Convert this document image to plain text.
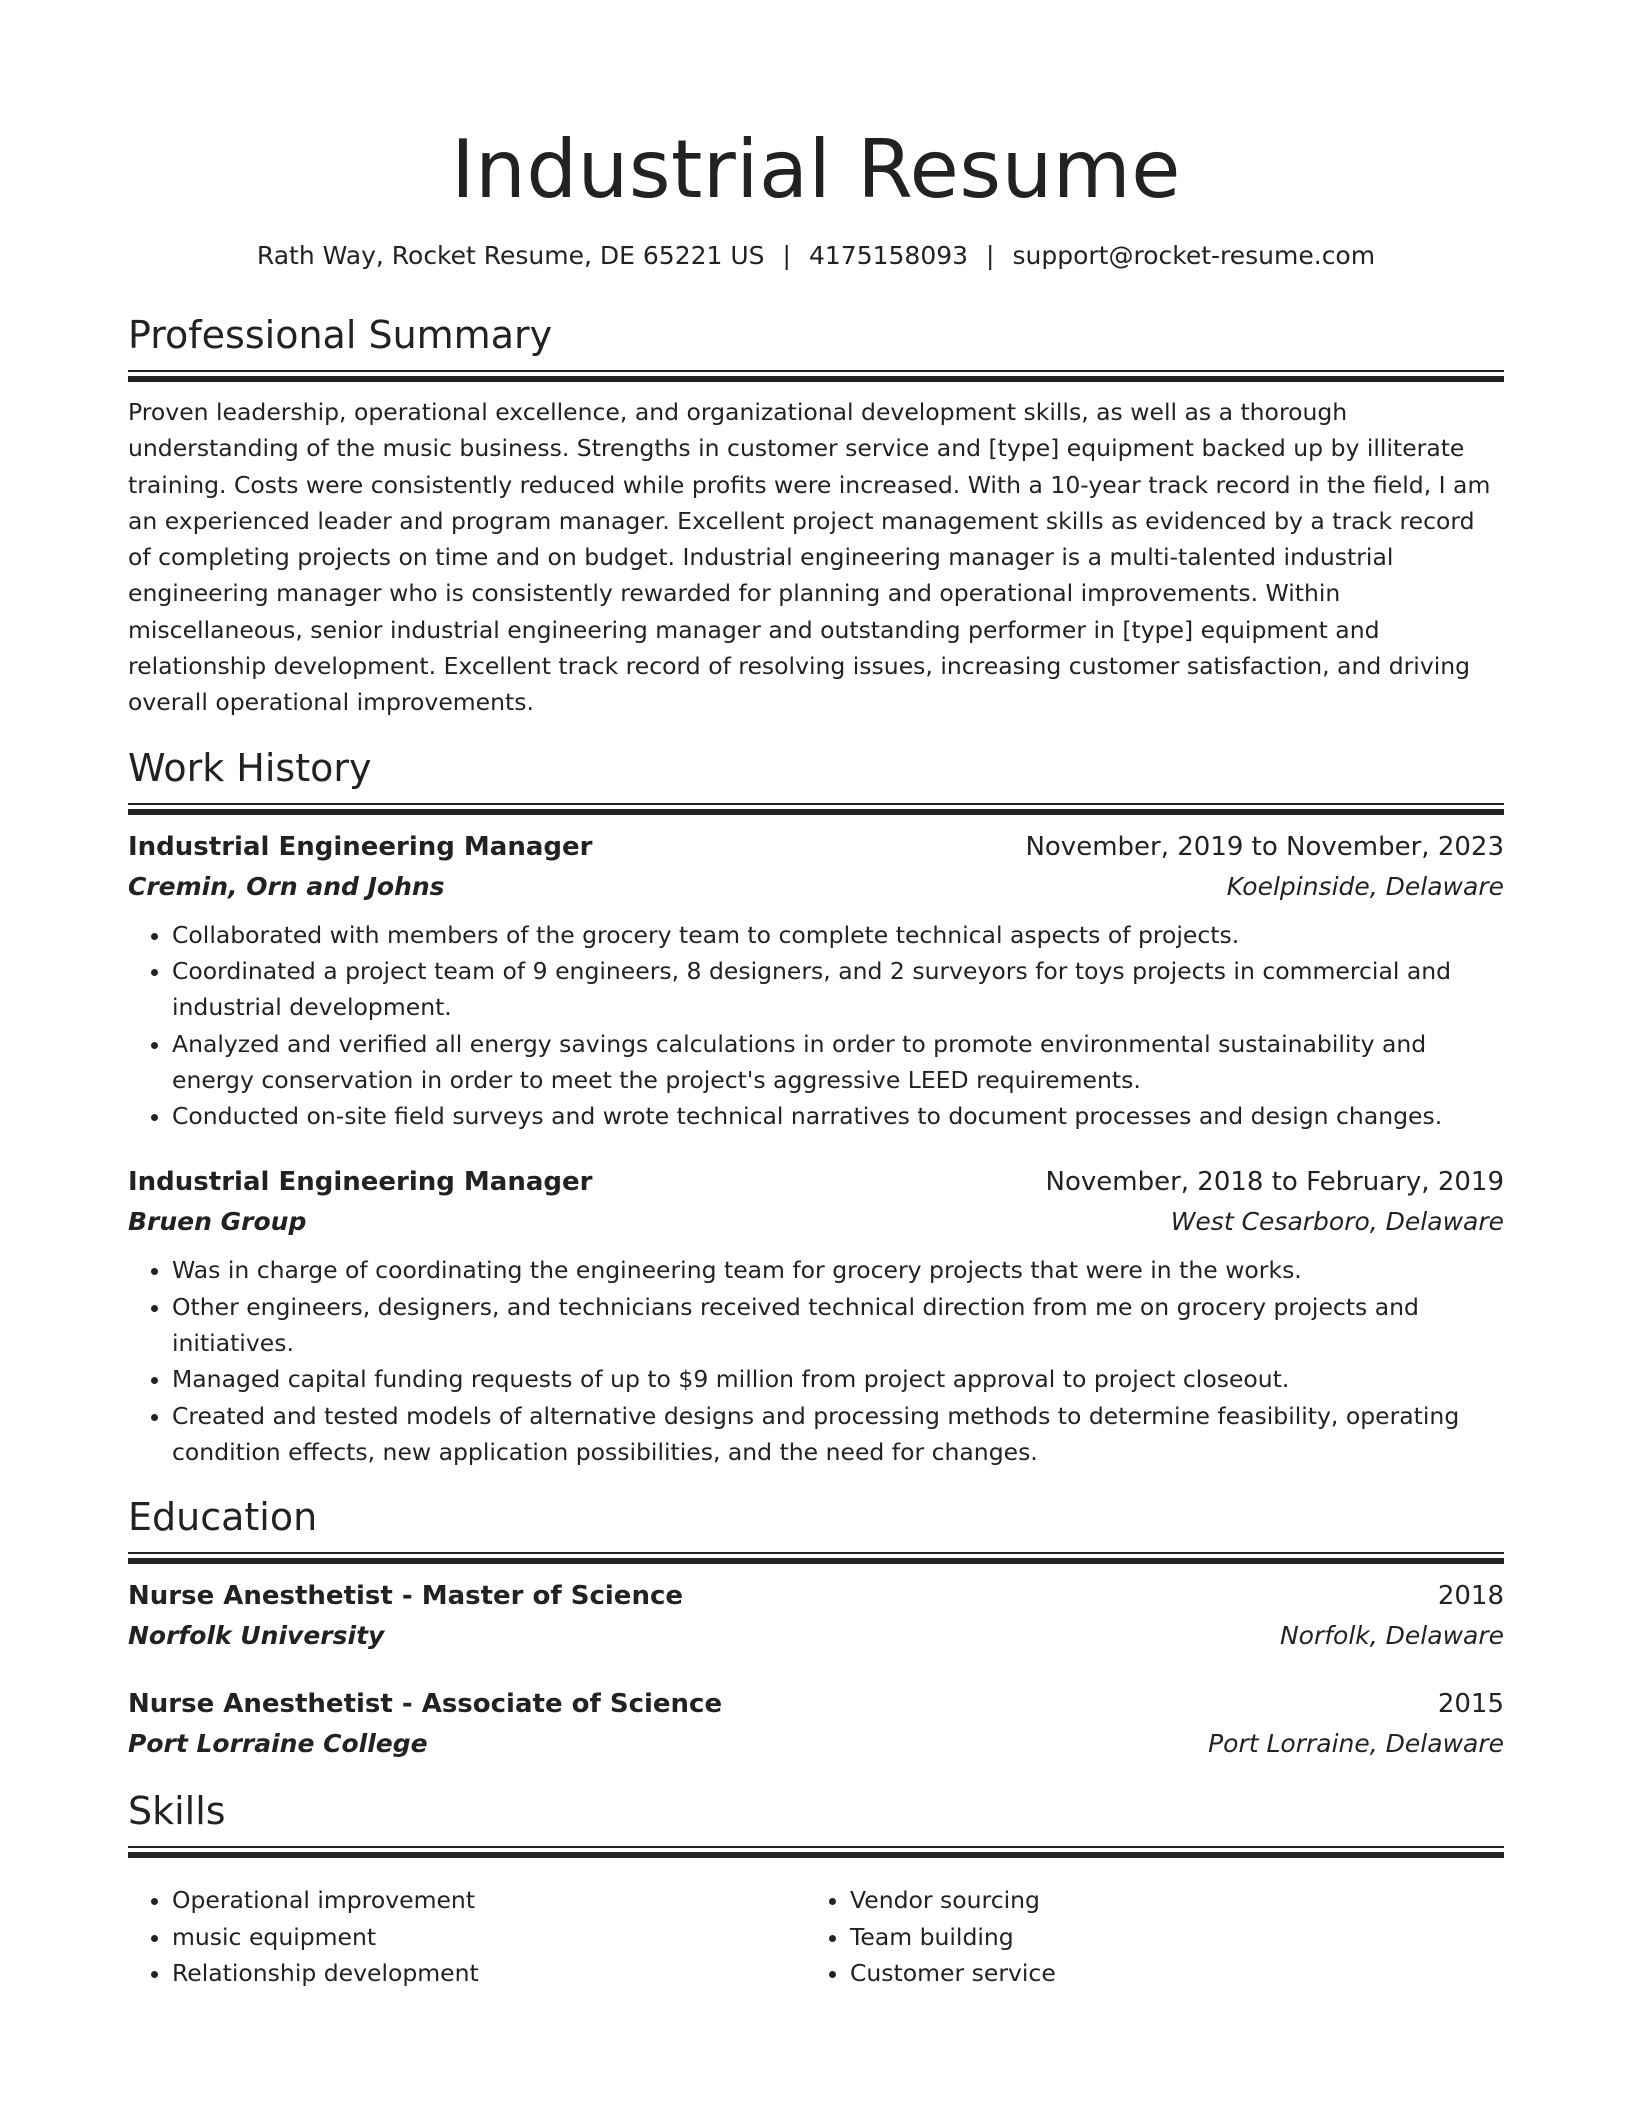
Industrial Resume
Rath Way, Rocket Resume, DE 65221 US | 4175158093 | support@rocket-resume.com
Professional Summary

Proven leadership, operational excellence, and organizational development skills, as well as a thorough understanding of the music business. Strengths in customer service and [type] equipment backed up by illiterate training. Costs were consistently reduced while profits were increased. With a 10-year track record in the field, I am an experienced leader and program manager. Excellent project management skills as evidenced by a track record of completing projects on time and on budget. Industrial engineering manager is a multi-talented industrial engineering manager who is consistently rewarded for planning and operational improvements. Within miscellaneous, senior industrial engineering manager and outstanding performer in [type] equipment and relationship development. Excellent track record of resolving issues, increasing customer satisfaction, and driving overall operational improvements.

Work History
Industrial Engineering Manager	November, 2019 to November, 2023
Cremin, Orn and Johns	Koelpinside, Delaware
• Collaborated with members of the grocery team to complete technical aspects of projects.
• Coordinated a project team of 9 engineers, 8 designers, and 2 surveyors for toys projects in commercial and industrial development.
• Analyzed and verified all energy savings calculations in order to promote environmental sustainability and energy conservation in order to meet the project's aggressive LEED requirements.
• Conducted on-site field surveys and wrote technical narratives to document processes and design changes.
Industrial Engineering Manager	November, 2018 to February, 2019
Bruen Group	West Cesarboro, Delaware
• Was in charge of coordinating the engineering team for grocery projects that were in the works.
• Other engineers, designers, and technicians received technical direction from me on grocery projects and initiatives.
• Managed capital funding requests of up to $9 million from project approval to project closeout.
• Created and tested models of alternative designs and processing methods to determine feasibility, operating condition effects, new application possibilities, and the need for changes.
Education
Nurse Anesthetist - Master of Science	2018
Norfolk University	Norfolk, Delaware
Nurse Anesthetist - Associate of Science	2015
Port Lorraine College	Port Lorraine, Delaware
Skills
• Operational improvement
• music equipment
• Relationship development
• Vendor sourcing
• Team building
• Customer service
